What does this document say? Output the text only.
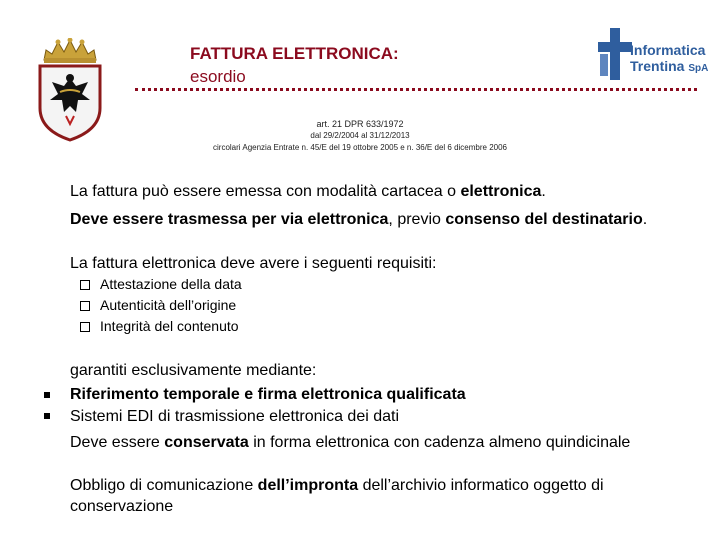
FATTURA ELETTRONICA:
esordio
Informatica
Trentina SpA
art. 21 DPR 633/1972
dal 29/2/2004 al 31/12/2013
circolari Agenzia Entrate n. 45/E del 19 ottobre 2005 e n. 36/E del 6 dicembre 2006
La fattura può essere emessa con modalità cartacea o elettronica.
Deve essere trasmessa per via elettronica, previo consenso del destinatario.
La fattura elettronica deve avere i seguenti requisiti:
Attestazione della data
Autenticità dell’origine
Integrità del contenuto
garantiti esclusivamente mediante:
Riferimento temporale e firma elettronica qualificata
Sistemi EDI di trasmissione elettronica dei dati
Deve essere conservata in forma elettronica con cadenza almeno quindicinale
Obbligo di comunicazione dell’impronta dell’archivio informatico oggetto di conservazione
